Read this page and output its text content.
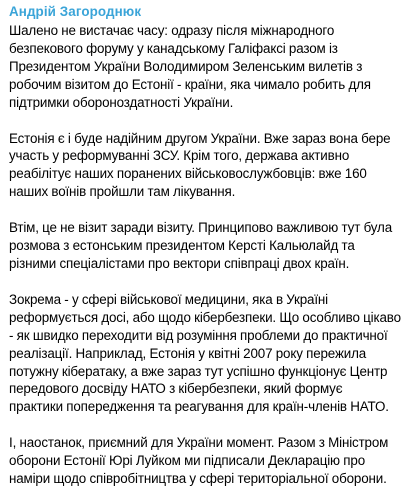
Андрій Загороднюк
Шалено не вистачає часу: одразу після міжнародного
безпекового форуму у канадському Галіфаксі разом із
Президентом України Володимиром Зеленським вилетів з
робочим візитом до Естонії - країни, яка чимало робить для
підтримки обороноздатності України.
Естонія є і буде надійним другом України. Вже зараз вона бере
участь у реформуванні ЗСУ. Крім того, держава активно
реабілітує наших поранених військовослужбовців: вже 160
наших воїнів пройшли там лікування.
Втім, це не візит заради візиту. Принципово важливою тут була
розмова з естонським президентом Керсті Кальюлайд та
різними спеціалістами про вектори співпраці двох країн.
Зокрема - у сфері військової медицини, яка в Україні
реформується досі, або щодо кібербезпеки. Що особливо цікаво
- як швидко переходити від розуміння проблеми до практичної
реалізації. Наприклад, Естонія у квітні 2007 року пережила
потужну кібератаку, а вже зараз тут успішно функціонує Центр
передового досвіду НАТО з кібербезпеки, який формує
практики попередження та реагування для країн-членів НАТО.
І, наостанок, приємний для України момент. Разом з Міністром
оборони Естонії Юрі Луйком ми підписали Декларацію про
наміри щодо співробітництва у сфері територіальної оборони.
